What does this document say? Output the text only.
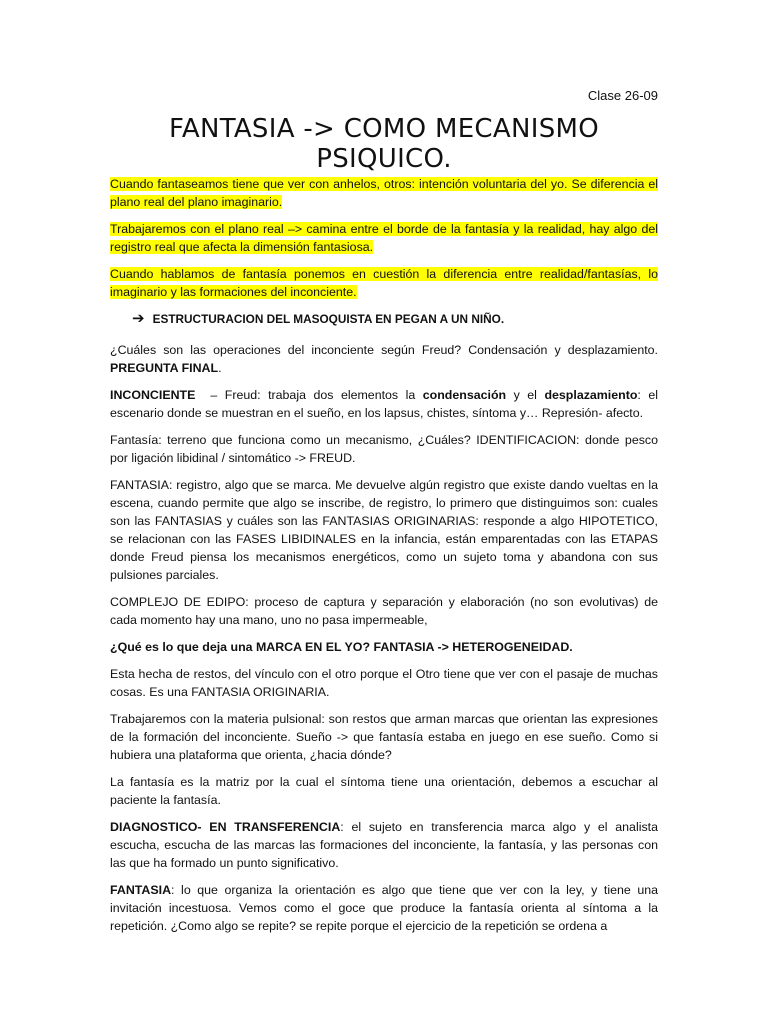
Clase 26-09
FANTASIA -> COMO MECANISMO PSIQUICO.

Cuando fantaseamos tiene que ver con anhelos, otros: intención voluntaria del yo. Se diferencia el plano real del plano imaginario.

Trabajaremos con el plano real –> camina entre el borde de la fantasía y la realidad, hay algo del registro real que afecta la dimensión fantasiosa.

Cuando hablamos de fantasía ponemos en cuestión la diferencia entre realidad/fantasías, lo imaginario y las formaciones del inconciente.

➔ ESTRUCTURACION DEL MASOQUISTA EN PEGAN A UN NIÑO.

¿Cuáles son las operaciones del inconciente según Freud? Condensación y desplazamiento. PREGUNTA FINAL.

INCONCIENTE  – Freud: trabaja dos elementos la condensación y el desplazamiento: el escenario donde se muestran en el sueño, en los lapsus, chistes, síntoma y… Represión- afecto.

Fantasía: terreno que funciona como un mecanismo, ¿Cuáles? IDENTIFICACION: donde pesco por ligación libidinal / sintomático -> FREUD.

FANTASIA: registro, algo que se marca. Me devuelve algún registro que existe dando vueltas en la escena, cuando permite que algo se inscribe, de registro, lo primero que distinguimos son: cuales son las FANTASIAS y cuáles son las FANTASIAS ORIGINARIAS: responde a algo HIPOTETICO, se relacionan con las FASES LIBIDINALES en la infancia, están emparentadas con las ETAPAS donde Freud piensa los mecanismos energéticos, como un sujeto toma y abandona con sus pulsiones parciales.

COMPLEJO DE EDIPO: proceso de captura y separación y elaboración (no son evolutivas) de cada momento hay una mano, uno no pasa impermeable,

¿Qué es lo que deja una MARCA EN EL YO? FANTASIA -> HETEROGENEIDAD.

Esta hecha de restos, del vínculo con el otro porque el Otro tiene que ver con el pasaje de muchas cosas. Es una FANTASIA ORIGINARIA.

Trabajaremos con la materia pulsional: son restos que arman marcas que orientan las expresiones de la formación del inconciente. Sueño -> que fantasía estaba en juego en ese sueño. Como si hubiera una plataforma que orienta, ¿hacia dónde?

La fantasía es la matriz por la cual el síntoma tiene una orientación, debemos a escuchar al paciente la fantasía.

DIAGNOSTICO- EN TRANSFERENCIA: el sujeto en transferencia marca algo y el analista escucha, escucha de las marcas las formaciones del inconciente, la fantasía, y las personas con las que ha formado un punto significativo.

FANTASIA: lo que organiza la orientación es algo que tiene que ver con la ley, y tiene una invitación incestuosa. Vemos como el goce que produce la fantasía orienta al síntoma a la repetición. ¿Como algo se repite? se repite porque el ejercicio de la repetición se ordena a
